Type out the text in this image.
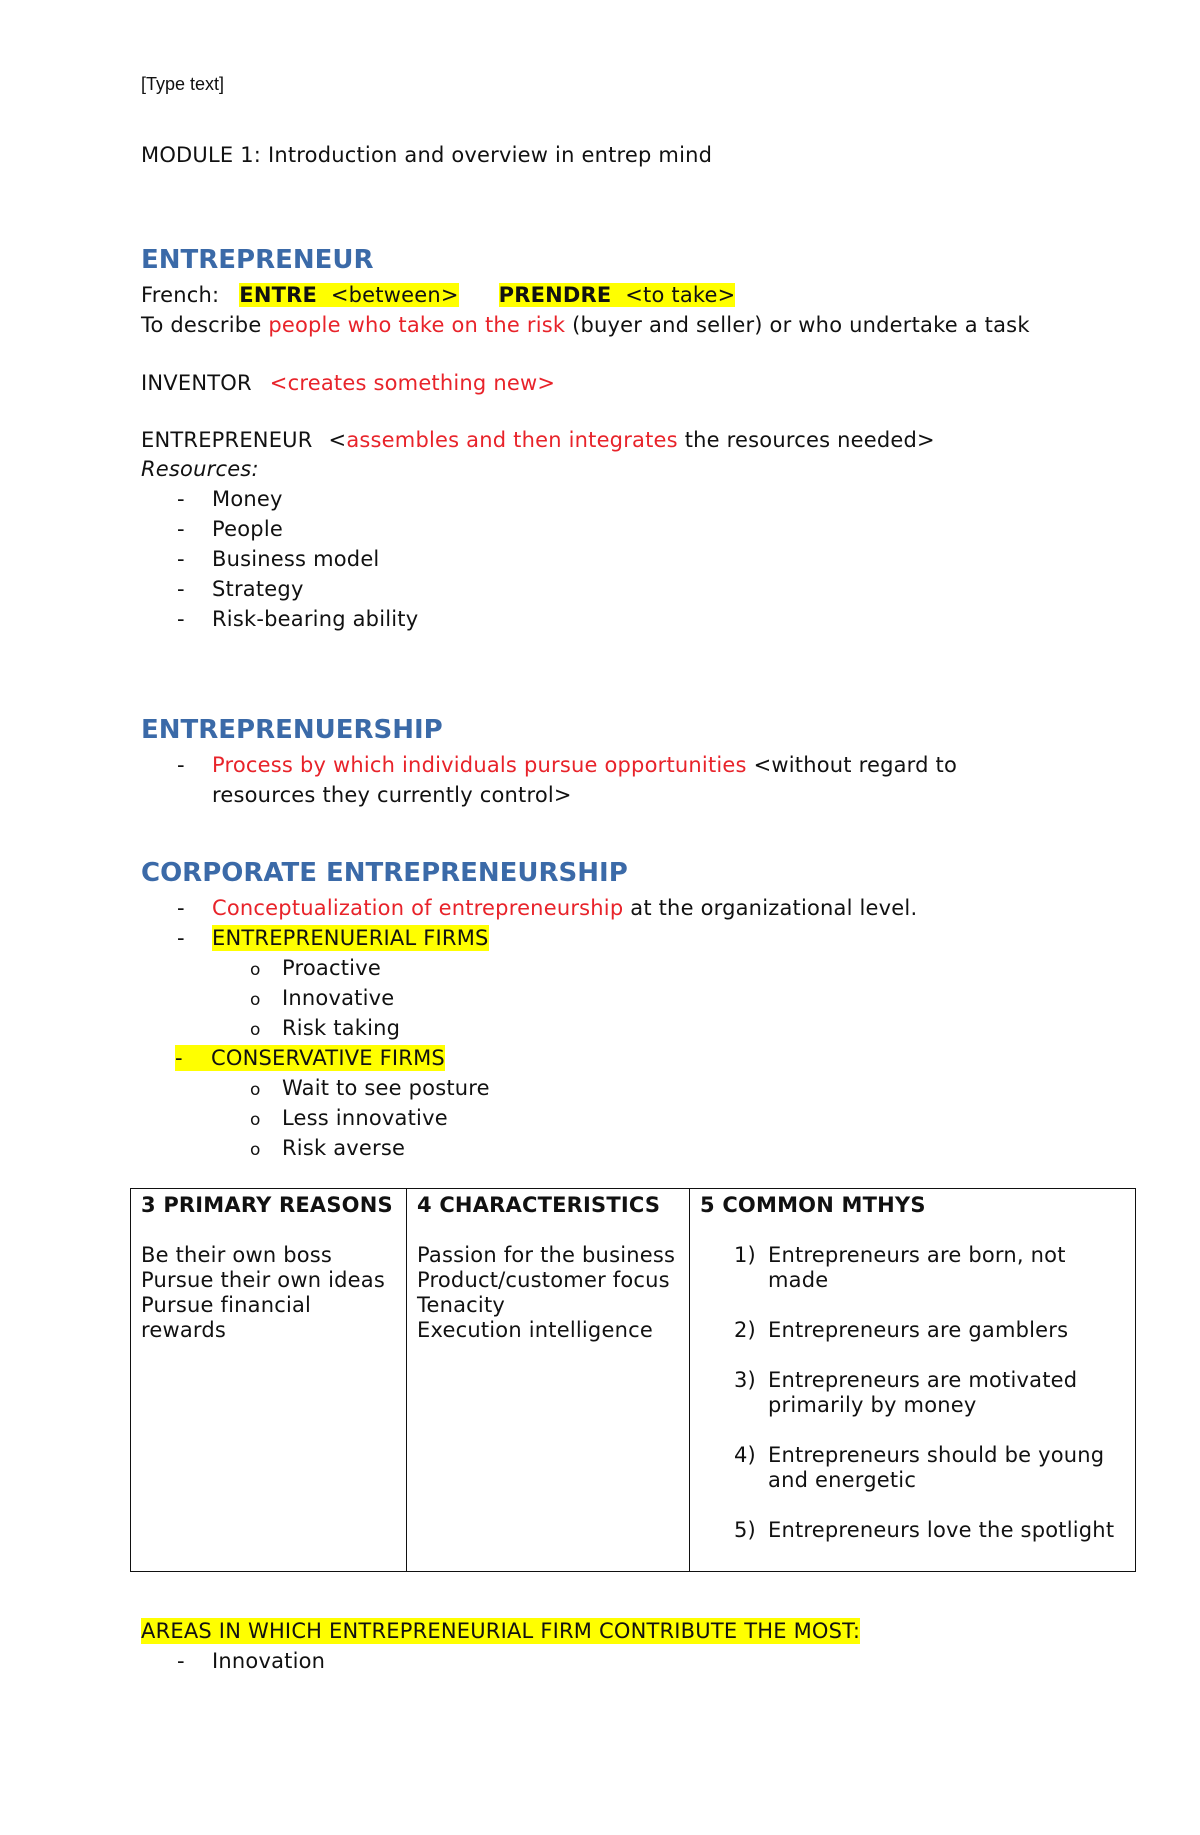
[Type text]
MODULE 1: Introduction and overview in entrep mind
ENTREPRENEUR
French: ENTRE <between> PRENDRE <to take>
To describe people who take on the risk (buyer and seller) or who undertake a task
INVENTOR <creates something new>
ENTREPRENEUR <assembles and then integrates the resources needed>
Resources:
- Money
- People
- Business model
- Strategy
- Risk-bearing ability
ENTREPRENUERSHIP
- Process by which individuals pursue opportunities <without regard to
resources they currently control>
CORPORATE ENTREPRENEURSHIP
- Conceptualization of entrepreneurship at the organizational level.
- ENTREPRENUERIAL FIRMS
o Proactive
o Innovative
o Risk taking
-	CONSERVATIVE FIRMS
o Wait to see posture
o Less innovative
o Risk averse
3 PRIMARY REASONS
Be their own boss
Pursue their own ideas
Pursue financial rewards

4 CHARACTERISTICS
Passion for the business
Product/customer focus
Tenacity
Execution intelligence

5 COMMON MTHYS
1) Entrepreneurs are born, not made
2) Entrepreneurs are gamblers
3) Entrepreneurs are motivated primarily by money
4) Entrepreneurs should be young and energetic
5) Entrepreneurs love the spotlight
AREAS IN WHICH ENTREPRENEURIAL FIRM CONTRIBUTE THE MOST:
- Innovation
